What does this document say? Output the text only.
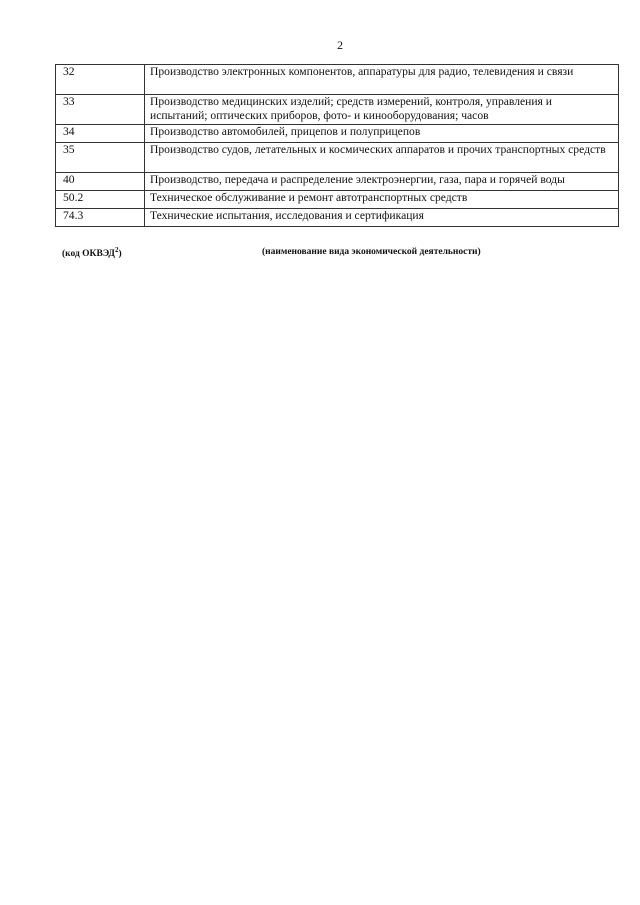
2
32	Производство электронных компонентов, аппаратуры для радио, телевидения и связи
33	Производство медицинских изделий; средств измерений, контроля, управления и испытаний; оптических приборов, фото- и кинооборудования; часов
34	Производство автомобилей, прицепов и полуприцепов
35	Производство судов, летательных и космических аппаратов и прочих транспортных средств
40	Производство, передача и распределение электроэнергии, газа, пара и горячей воды
50.2	Техническое обслуживание и ремонт автотранспортных средств
74.3	Технические испытания, исследования и сертификация
(код ОКВЭД$^2$)	(наименование вида экономической деятельности)
